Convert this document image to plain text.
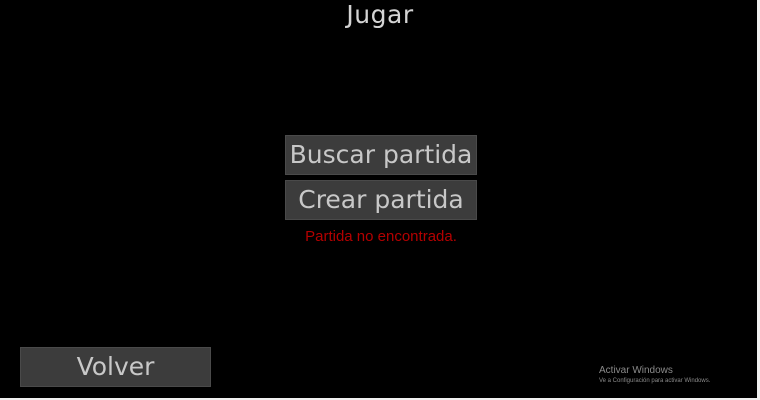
Jugar
Buscar partida
Crear partida
Partida no encontrada.
Volver	Activar Windows
Ve a Configuración para activar Windows.
